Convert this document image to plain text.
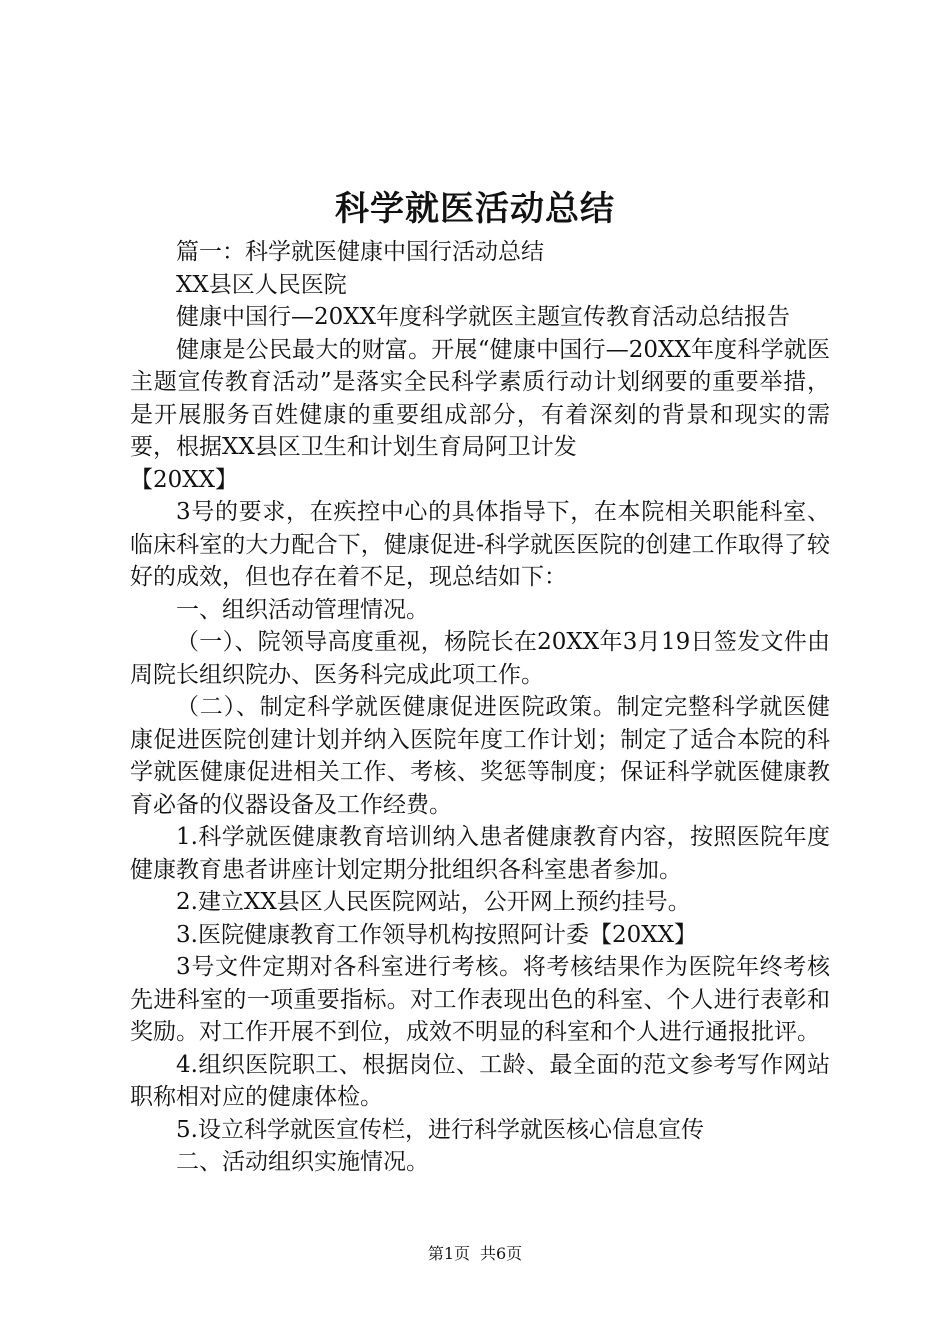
科学就医活动总结

篇一：科学就医健康中国行活动总结

XX县区人民医院

健康中国行—20XX年度科学就医主题宣传教育活动总结报告

健康是公民最大的财富。开展“健康中国行—20XX年度科学就医主题宣传教育活动”是落实全民科学素质行动计划纲要的重要举措，是开展服务百姓健康的重要组成部分，有着深刻的背景和现实的需要，根据XX县区卫生和计划生育局阿卫计发

【20XX】

3号的要求，在疾控中心的具体指导下，在本院相关职能科室、临床科室的大力配合下，健康促进-科学就医医院的创建工作取得了较好的成效，但也存在着不足，现总结如下：

一、组织活动管理情况。

（一）、院领导高度重视，杨院长在20XX年3月19日签发文件由周院长组织院办、医务科完成此项工作。

（二）、制定科学就医健康促进医院政策。制定完整科学就医健康促进医院创建计划并纳入医院年度工作计划；制定了适合本院的科学就医健康促进相关工作、考核、奖惩等制度；保证科学就医健康教育必备的仪器设备及工作经费。

1.科学就医健康教育培训纳入患者健康教育内容，按照医院年度健康教育患者讲座计划定期分批组织各科室患者参加。

2.建立XX县区人民医院网站，公开网上预约挂号。

3.医院健康教育工作领导机构按照阿计委【20XX】

3号文件定期对各科室进行考核。将考核结果作为医院年终考核先进科室的一项重要指标。对工作表现出色的科室、个人进行表彰和奖励。对工作开展不到位，成效不明显的科室和个人进行通报批评。

4.组织医院职工、根据岗位、工龄、最全面的范文参考写作网站职称相对应的健康体检。

5.设立科学就医宣传栏，进行科学就医核心信息宣传

二、活动组织实施情况。

第1页 共6页
